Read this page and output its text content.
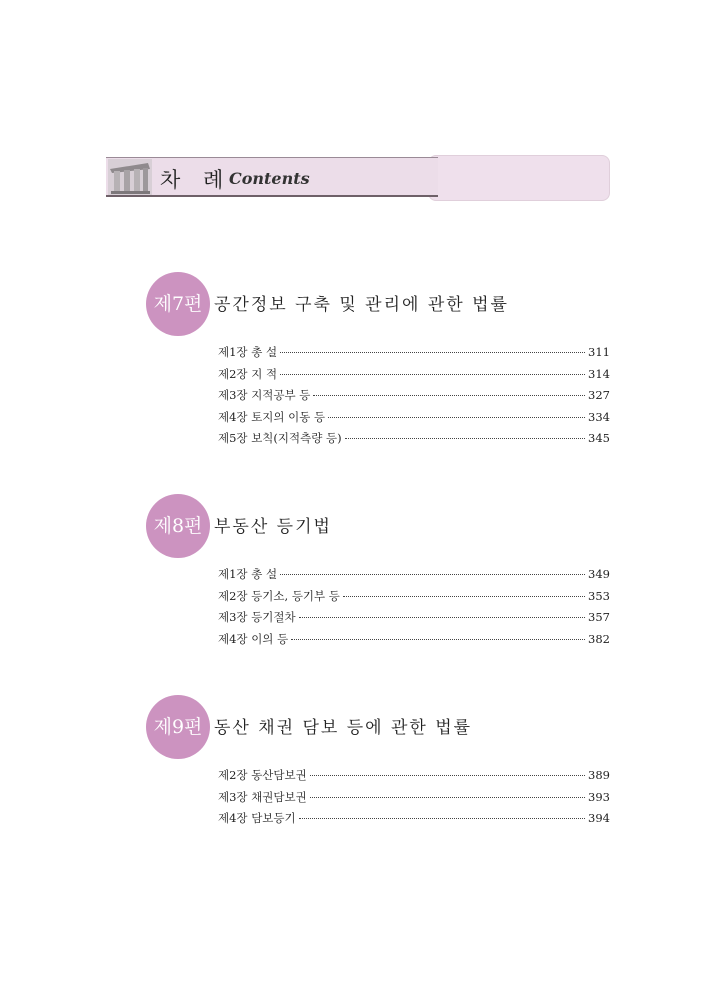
차 례
Contents
제7편 공간정보 구축 및 관리에 관한 법률
제1장 총 설	311
제2장 지 적	314
제3장 지적공부 등	327
제4장 토지의 이동 등	334
제5장 보칙(지적측량 등)	345
제8편 부동산 등기법
제1장 총 설	349
제2장 등기소, 등기부 등	353
제3장 등기절차	357
제4장 이의 등	382
제9편 동산 채권 담보 등에 관한 법률
제2장 동산담보권	389
제3장 채권담보권	393
제4장 담보등기	394
